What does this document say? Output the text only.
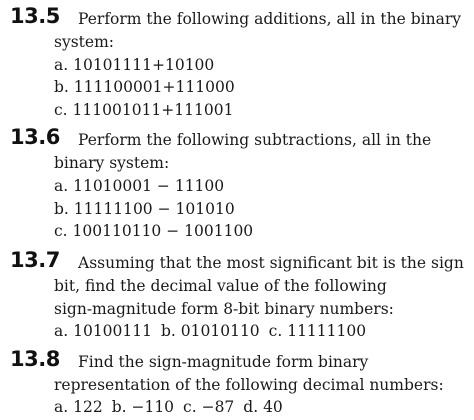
13.5 Perform the following additions, all in the binary
system:
a. 10101111+10100
b. 111100001+111000
c. 111001011+111001
13.6 Perform the following subtractions, all in the
binary system:
a. 11010001 − 11100
b. 11111100 − 101010
c. 100110110 − 1001100
13.7 Assuming that the most significant bit is the sign
bit, find the decimal value of the following
sign-magnitude form 8-bit binary numbers:
a. 10100111 b. 01010110 c. 11111100
13.8 Find the sign-magnitude form binary
representation of the following decimal numbers:
a. 122 b. −110 c. −87 d. 40
